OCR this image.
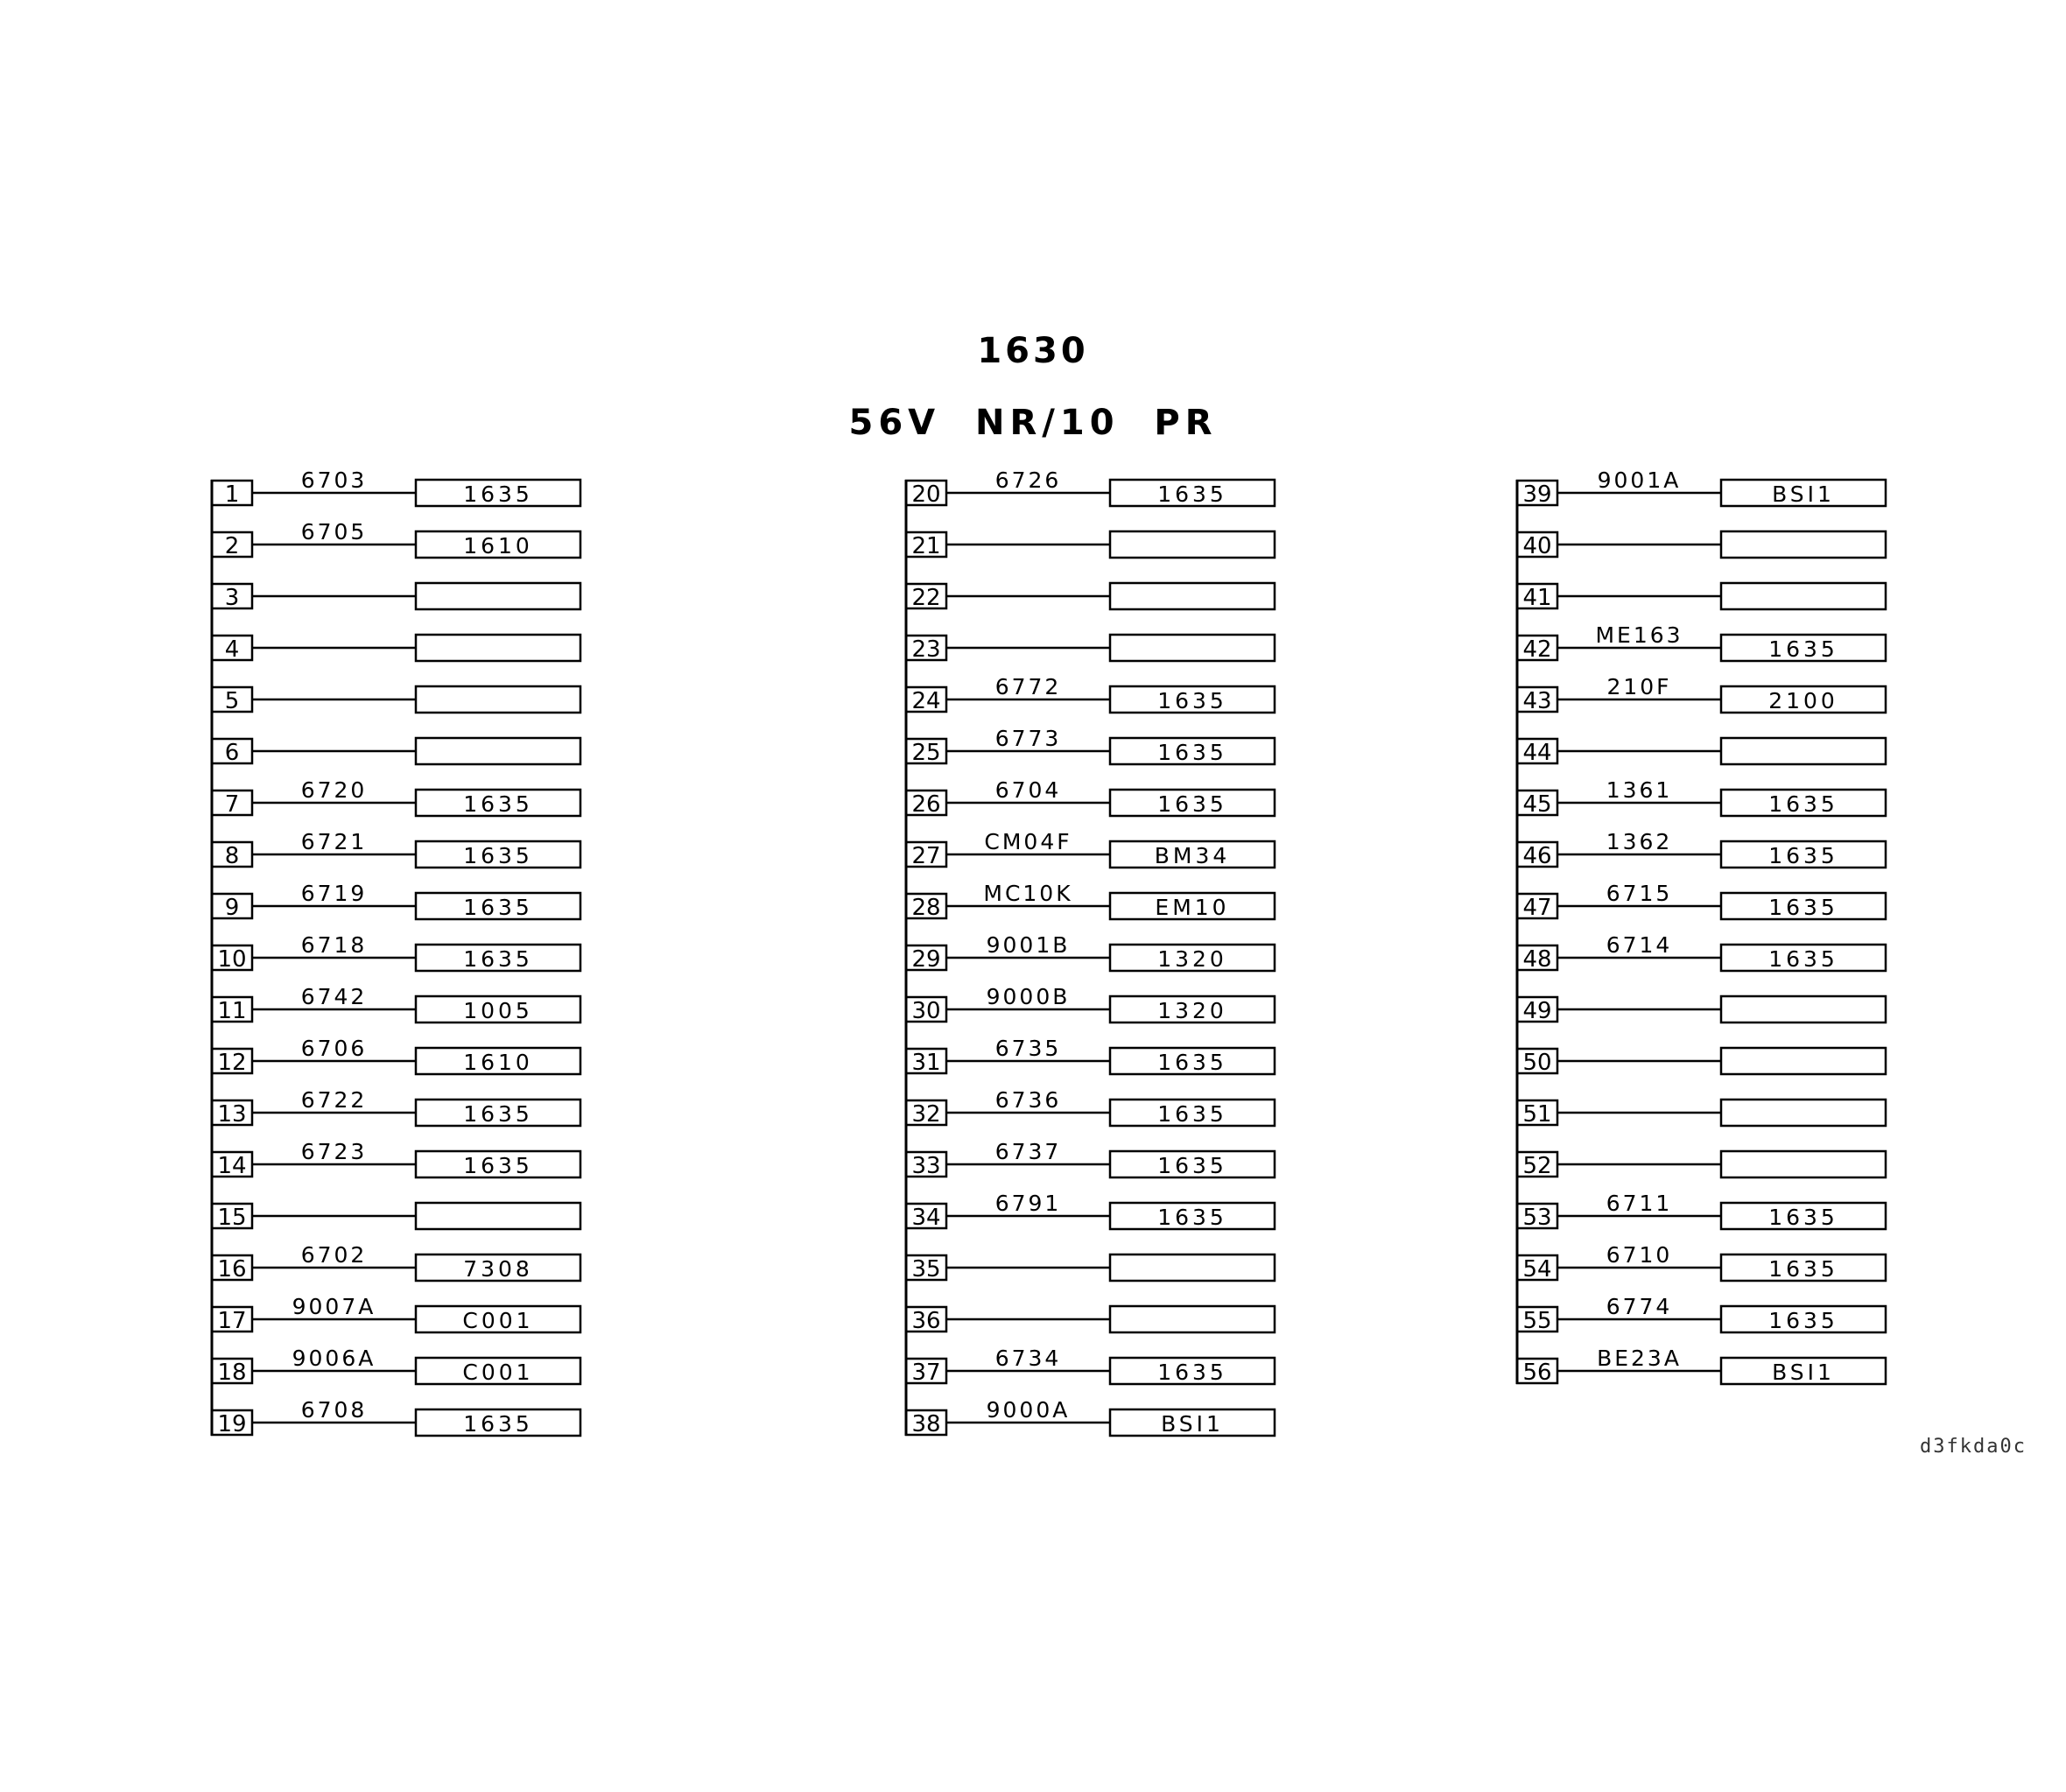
1630
56V  NR/10  PR
1
6703
1635
2
6705
1610
3
4
5
6
7
6720
1635
8
6721
1635
9
6719
1635
10
6718
1635
11
6742
1005
12
6706
1610
13
6722
1635
14
6723
1635
15
16
6702
7308
17
9007A
C001
18
9006A
C001
19
6708
1635
20
6726
1635
21
22
23
24
6772
1635
25
6773
1635
26
6704
1635
27
CM04F
BM34
28
MC10K
EM10
29
9001B
1320
30
9000B
1320
31
6735
1635
32
6736
1635
33
6737
1635
34
6791
1635
35
36
37
6734
1635
38
9000A
BSI1
39
9001A
BSI1
40
41
42
ME163
1635
43
210F
2100
44
45
1361
1635
46
1362
1635
47
6715
1635
48
6714
1635
49
50
51
52
53
6711
1635
54
6710
1635
55
6774
1635
56
BE23A
BSI1
d3fkda0c
